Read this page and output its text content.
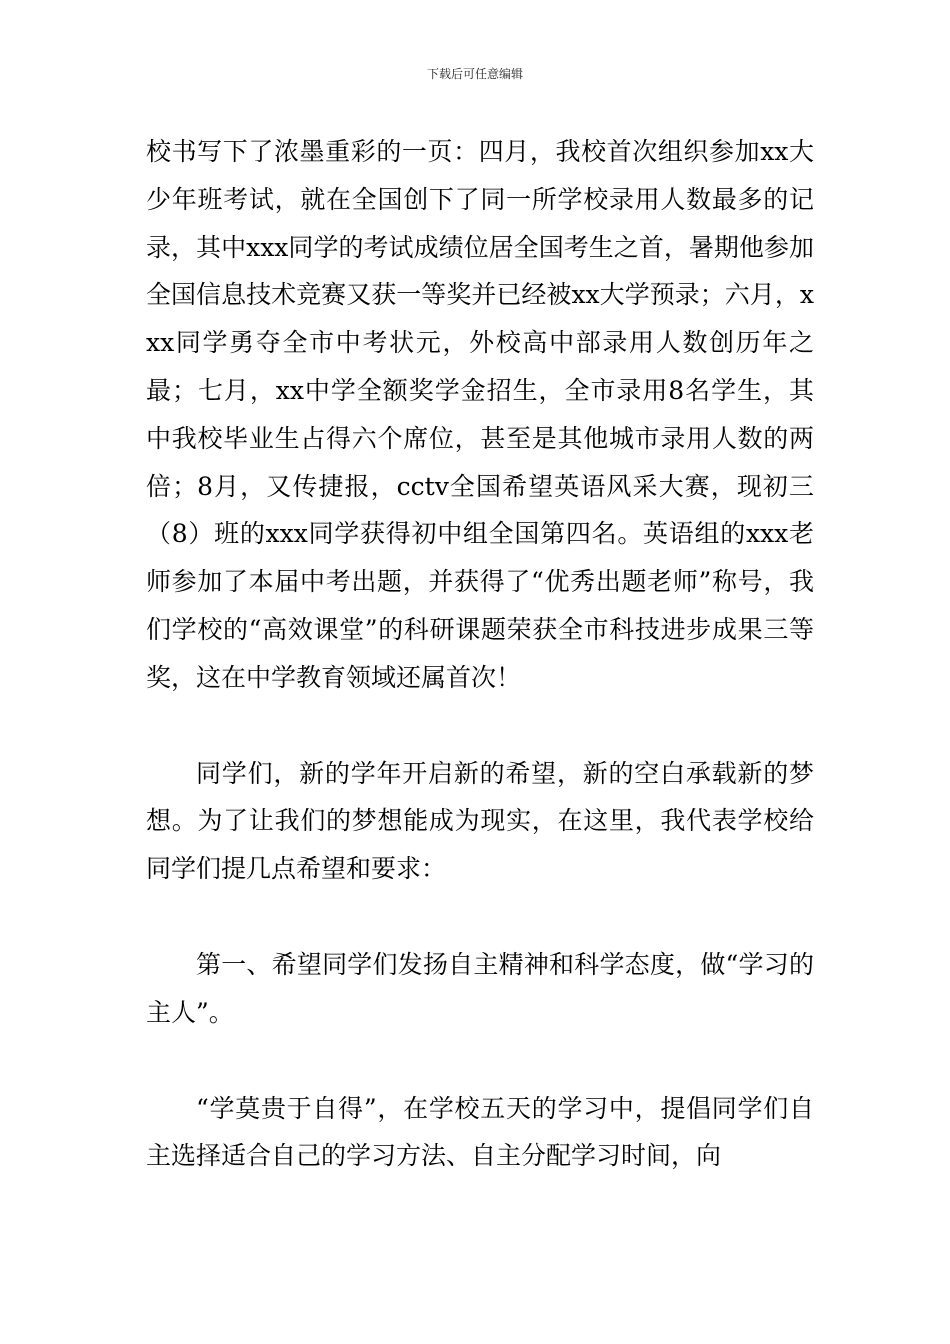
下载后可任意编辑

校书写下了浓墨重彩的一页：四月，我校首次组织参加xx大少年班考试，就在全国创下了同一所学校录用人数最多的记录，其中xxx同学的考试成绩位居全国考生之首，暑期他参加全国信息技术竞赛又获一等奖并已经被xx大学预录；六月，xxx同学勇夺全市中考状元，外校高中部录用人数创历年之最；七月，xx中学全额奖学金招生，全市录用8名学生，其中我校毕业生占得六个席位，甚至是其他城市录用人数的两倍；8月，又传捷报，cctv全国希望英语风采大赛，现初三（8）班的xxx同学获得初中组全国第四名。英语组的xxx老师参加了本届中考出题，并获得了“优秀出题老师”称号，我们学校的“高效课堂”的科研课题荣获全市科技进步成果三等奖，这在中学教育领域还属首次！

同学们，新的学年开启新的希望，新的空白承载新的梦想。为了让我们的梦想能成为现实，在这里，我代表学校给同学们提几点希望和要求：

第一、希望同学们发扬自主精神和科学态度，做“学习的主人”。

“学莫贵于自得”，在学校五天的学习中，提倡同学们自主选择适合自己的学习方法、自主分配学习时间，向
